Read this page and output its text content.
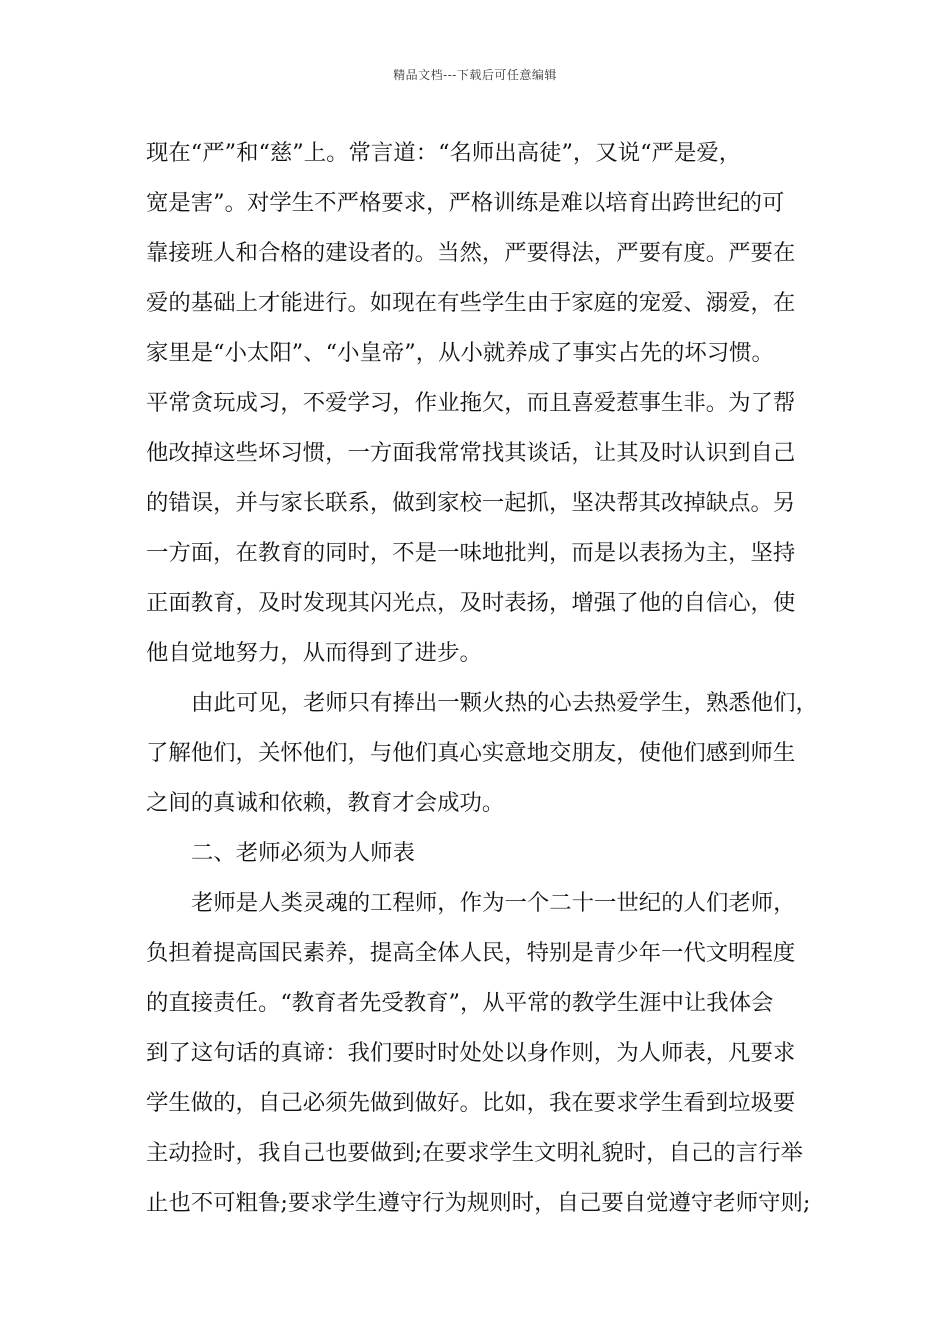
精品文档---下载后可任意编辑
现在“严”和“慈”上。常言道：“名师出高徒”，又说“严是爱，
宽是害”。对学生不严格要求，严格训练是难以培育出跨世纪的可
靠接班人和合格的建设者的。当然，严要得法，严要有度。严要在
爱的基础上才能进行。如现在有些学生由于家庭的宠爱、溺爱，在
家里是“小太阳”、“小皇帝”，从小就养成了事实占先的坏习惯。
平常贪玩成习，不爱学习，作业拖欠，而且喜爱惹事生非。为了帮
他改掉这些坏习惯，一方面我常常找其谈话，让其及时认识到自己
的错误，并与家长联系，做到家校一起抓，坚决帮其改掉缺点。另
一方面，在教育的同时，不是一味地批判，而是以表扬为主，坚持
正面教育，及时发现其闪光点，及时表扬，增强了他的自信心，使
他自觉地努力，从而得到了进步。
由此可见，老师只有捧出一颗火热的心去热爱学生，熟悉他们，
了解他们，关怀他们，与他们真心实意地交朋友，使他们感到师生
之间的真诚和依赖，教育才会成功。
二、老师必须为人师表
老师是人类灵魂的工程师，作为一个二十一世纪的人们老师，
负担着提高国民素养，提高全体人民，特别是青少年一代文明程度
的直接责任。“教育者先受教育”，从平常的教学生涯中让我体会
到了这句话的真谛：我们要时时处处以身作则，为人师表，凡要求
学生做的，自己必须先做到做好。比如，我在要求学生看到垃圾要
主动捡时，我自己也要做到;在要求学生文明礼貌时，自己的言行举
止也不可粗鲁;要求学生遵守行为规则时，自己要自觉遵守老师守则;
